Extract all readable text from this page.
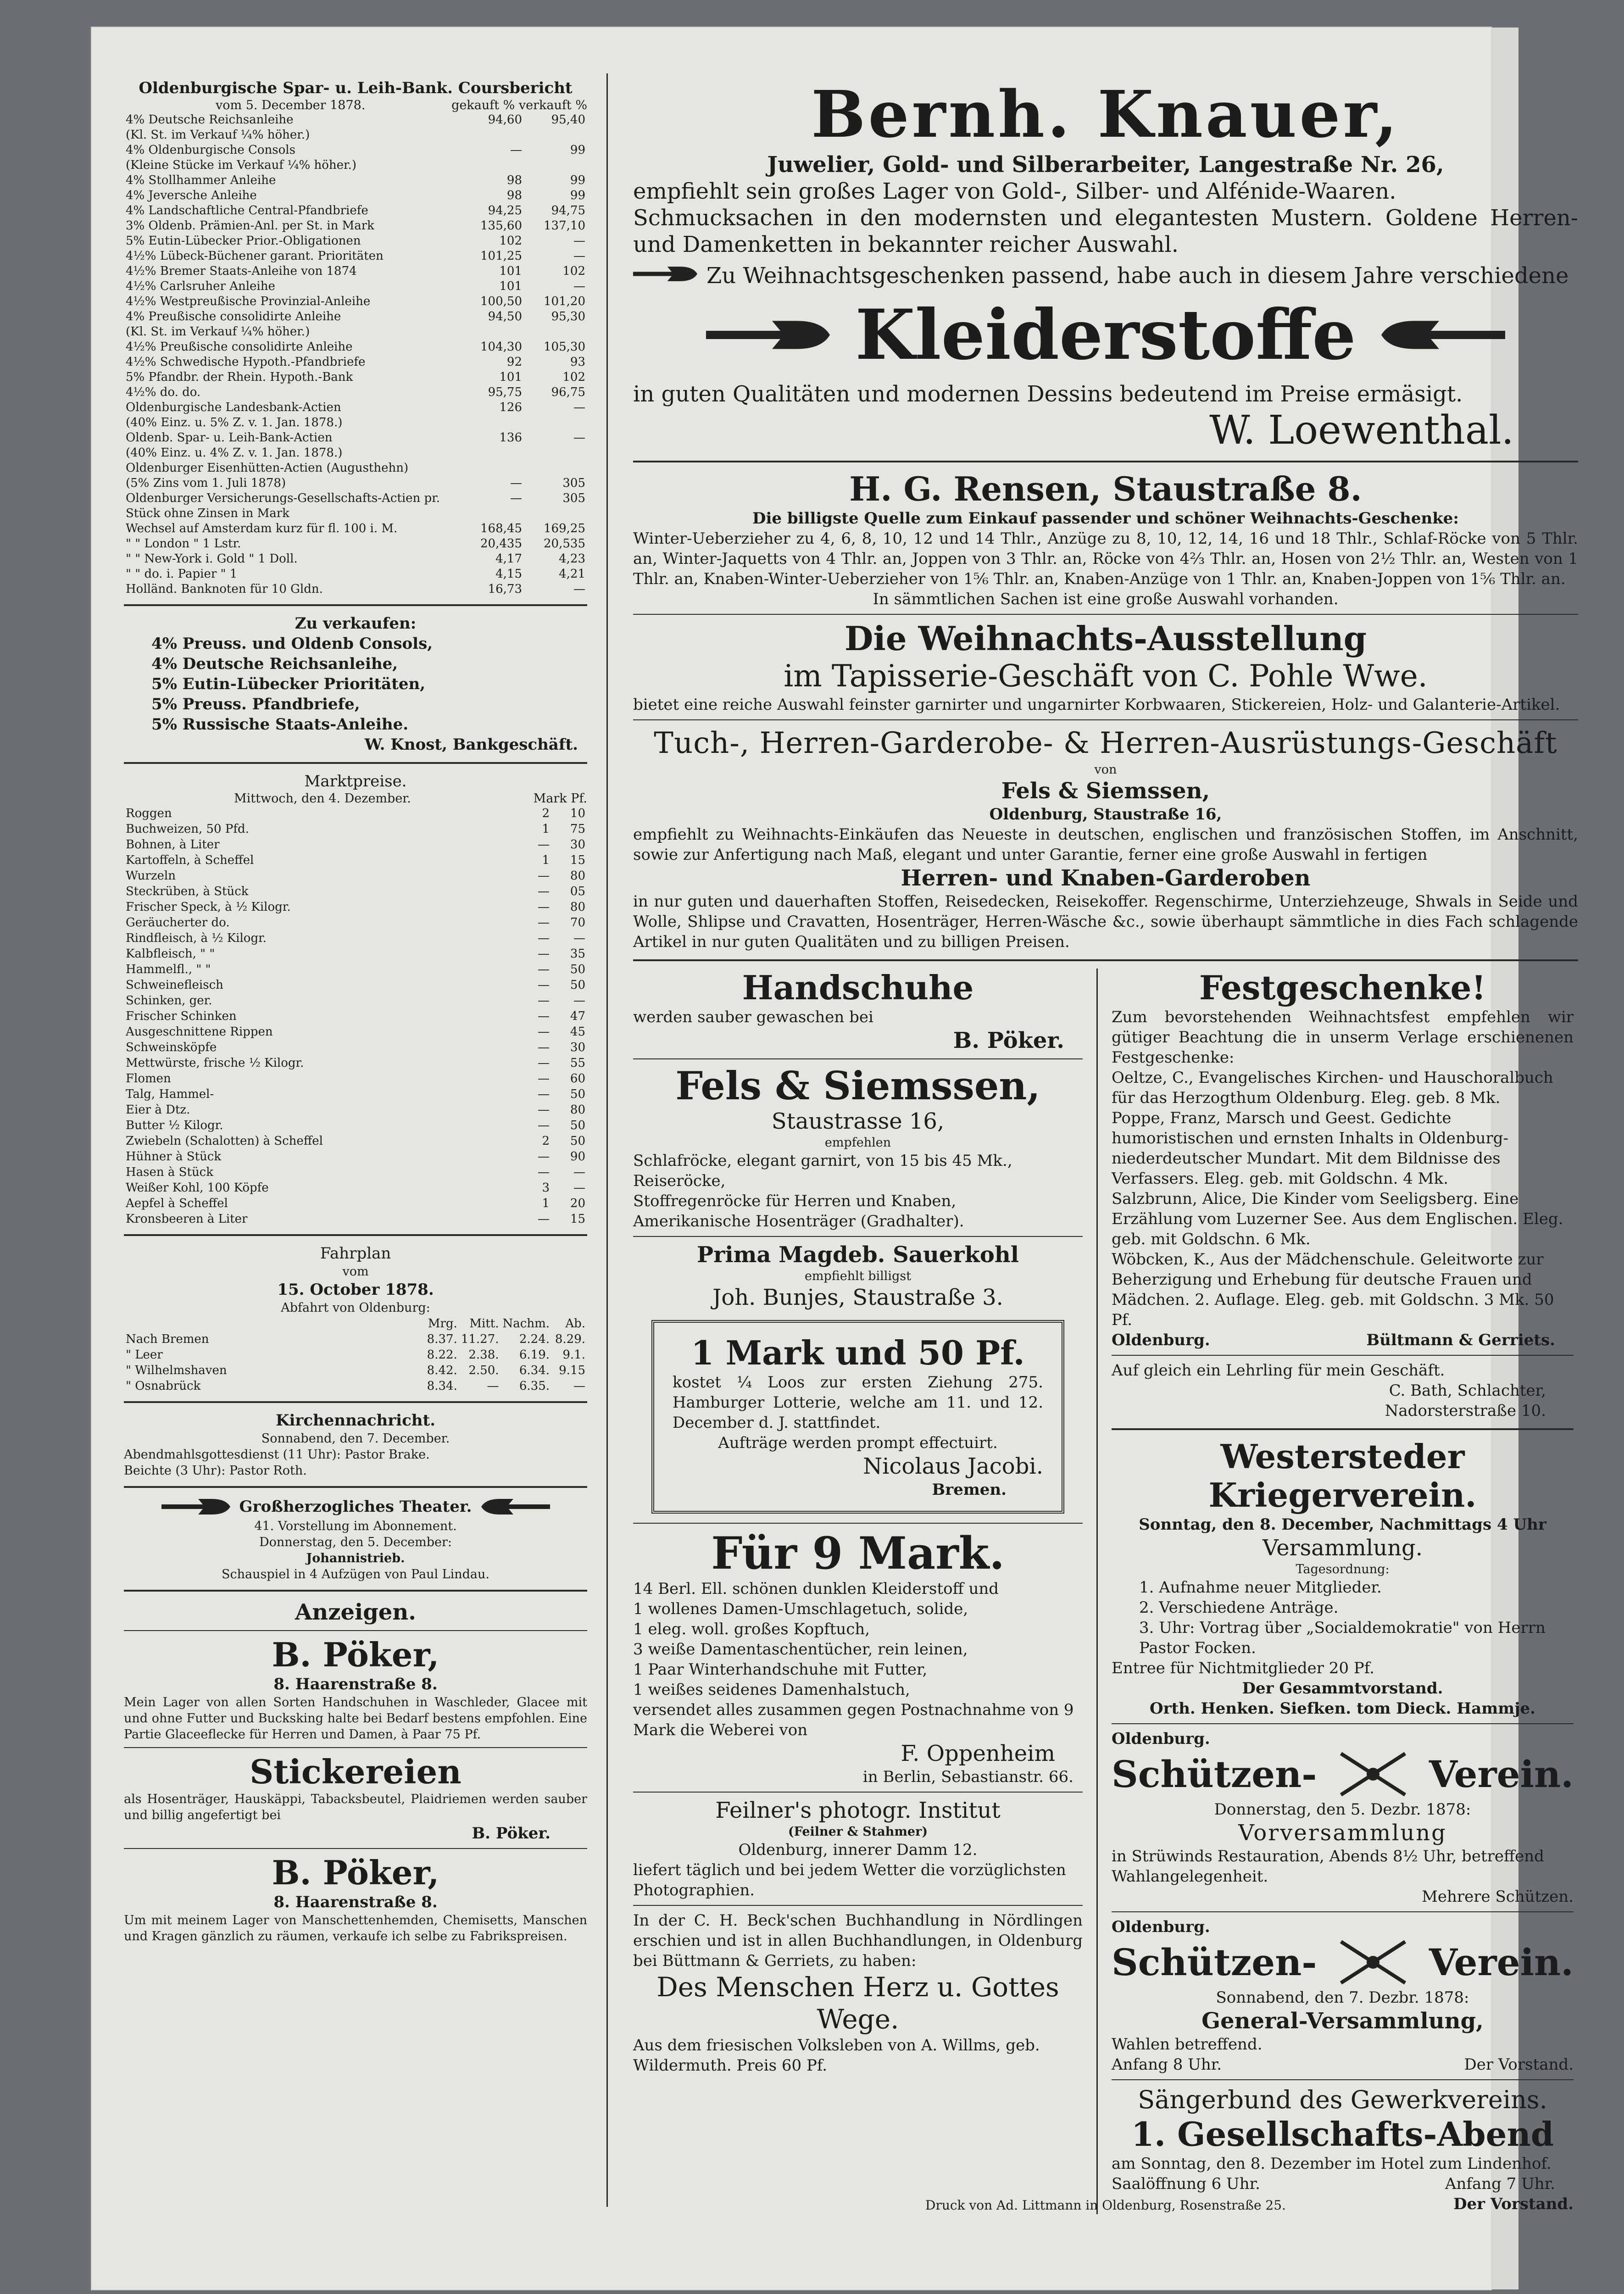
Oldenburgische Spar- u. Leih-Bank. Coursbericht
vom 5. December 1878.	gekauft % verkauft %
4% Deutsche Reichsanleihe	94,60	95,40
(Kl. St. im Verkauf ¼% höher.)		
4% Oldenburgische Consols	—	99
(Kleine Stücke im Verkauf ¼% höher.)		
4% Stollhammer Anleihe	98	99
4% Jeversche Anleihe	98	99
4% Landschaftliche Central-Pfandbriefe	94,25	94,75
3% Oldenb. Prämien-Anl. per St. in Mark	135,60	137,10
5% Eutin-Lübecker Prior.-Obligationen	102	—
4½% Lübeck-Büchener garant. Prioritäten	101,25	—
4½% Bremer Staats-Anleihe von 1874	101	102
4½% Carlsruher Anleihe	101	—
4½% Westpreußische Provinzial-Anleihe	100,50	101,20
4% Preußische consolidirte Anleihe	94,50	95,30
(Kl. St. im Verkauf ¼% höher.)		
4½% Preußische consolidirte Anleihe	104,30	105,30
4½% Schwedische Hypoth.-Pfandbriefe	92	93
5% Pfandbr. der Rhein. Hypoth.-Bank	101	102
4½% do. do.	95,75	96,75
Oldenburgische Landesbank-Actien	126	—
(40% Einz. u. 5% Z. v. 1. Jan. 1878.)		
Oldenb. Spar- u. Leih-Bank-Actien	136	—
(40% Einz. u. 4% Z. v. 1. Jan. 1878.)		
Oldenburger Eisenhütten-Actien (Augusthehn)		
(5% Zins vom 1. Juli 1878)	—	305
Oldenburger Versicherungs-Gesellschafts-Actien pr. Stück ohne Zinsen in Mark	—	305
Wechsel auf Amsterdam kurz für fl. 100 i. M.	168,45	169,25
" " London " 1 Lstr.	20,435	20,535
" " New-York i. Gold " 1 Doll.	4,17	4,23
" " do. i. Papier " 1	4,15	4,21
Holländ. Banknoten für 10 Gldn.	16,73	—
Zu verkaufen:
4% Preuss. und Oldenb Consols,
4% Deutsche Reichsanleihe,
5% Eutin-Lübecker Prioritäten,
5% Preuss. Pfandbriefe,
5% Russische Staats-Anleihe.
W. Knost, Bankgeschäft.
Marktpreise.
Mittwoch, den 4. Dezember.	Mark Pf.
Roggen	2	10
Buchweizen, 50 Pfd.	1	75
Bohnen, à Liter	—	30
Kartoffeln, à Scheffel	1	15
Wurzeln	—	80
Steckrüben, à Stück	—	05
Frischer Speck, à ½ Kilogr.	—	80
Geräucherter do.	—	70
Rindfleisch, à ½ Kilogr.	—	—
Kalbfleisch, " "	—	35
Hammelfl., " "	—	50
Schweinefleisch	—	50
Schinken, ger.	—	—
Frischer Schinken	—	47
Ausgeschnittene Rippen	—	45
Schweinsköpfe	—	30
Mettwürste, frische ½ Kilogr.	—	55
Flomen	—	60
Talg, Hammel-	—	50
Eier à Dtz.	—	80
Butter ½ Kilogr.	—	50
Zwiebeln (Schalotten) à Scheffel	2	50
Hühner à Stück	—	90
Hasen à Stück	—	—
Weißer Kohl, 100 Köpfe	3	—
Aepfel à Scheffel	1	20
Kronsbeeren à Liter	—	15
Fahrplan
vom
15. October 1878.
Abfahrt von Oldenburg:
	Mrg.	Mitt.	Nachm.	Ab.
Nach Bremen	8.37.	11.27.	2.24.	8.29.
" Leer	8.22.	2.38.	6.19.	9.1.
" Wilhelmshaven	8.42.	2.50.	6.34.	9.15
" Osnabrück	8.34.	—	6.35.	—
Kirchennachricht.
Sonnabend, den 7. December.
Abendmahlsgottesdienst (11 Uhr): Pastor Brake.
Beichte (3 Uhr): Pastor Roth.
Großherzogliches Theater.
41. Vorstellung im Abonnement.
Donnerstag, den 5. December:
Johannistrieb.
Schauspiel in 4 Aufzügen von Paul Lindau.
Anzeigen.
B. Pöker,
8. Haarenstraße 8.
Mein Lager von allen Sorten Handschuhen in Waschleder, Glacee mit und ohne Futter und Bucksking halte bei Bedarf bestens empfohlen. Eine Partie Glaceeflecke für Herren und Damen, à Paar 75 Pf.
Stickereien
als Hosenträger, Hauskäppi, Tabacksbeutel, Plaidriemen werden sauber und billig angefertigt bei
B. Pöker.
B. Pöker,
8. Haarenstraße 8.
Um mit meinem Lager von Manschettenhemden, Chemisetts, Manschen und Kragen gänzlich zu räumen, verkaufe ich selbe zu Fabrikspreisen.
Bernh. Knauer,
Juwelier, Gold- und Silberarbeiter, Langestraße Nr. 26,
empfiehlt sein großes Lager von Gold-, Silber- und Alfénide-Waaren.
Schmucksachen in den modernsten und elegantesten Mustern. Goldene Herren- und Damenketten in bekannter reicher Auswahl.
Zu Weihnachtsgeschenken passend, habe auch in diesem Jahre verschiedene
Kleiderstoffe
in guten Qualitäten und modernen Dessins bedeutend im Preise ermäsigt.
W. Loewenthal.
H. G. Rensen, Staustraße 8.
Die billigste Quelle zum Einkauf passender und schöner Weihnachts-Geschenke:
Winter-Ueberzieher zu 4, 6, 8, 10, 12 und 14 Thlr., Anzüge zu 8, 10, 12, 14, 16 und 18 Thlr., Schlaf-Röcke von 5 Thlr. an, Winter-Jaquetts von 4 Thlr. an, Joppen von 3 Thlr. an, Röcke von 4⅔ Thlr. an, Hosen von 2½ Thlr. an, Westen von 1 Thlr. an, Knaben-Winter-Ueberzieher von 1⅚ Thlr. an, Knaben-Anzüge von 1 Thlr. an, Knaben-Joppen von 1⅚ Thlr. an.
In sämmtlichen Sachen ist eine große Auswahl vorhanden.
Die Weihnachts-Ausstellung
im Tapisserie-Geschäft von C. Pohle Wwe.
bietet eine reiche Auswahl feinster garnirter und ungarnirter Korbwaaren, Stickereien, Holz- und Galanterie-Artikel.
Tuch-, Herren-Garderobe- & Herren-Ausrüstungs-Geschäft
von
Fels & Siemssen,
Oldenburg, Staustraße 16,
empfiehlt zu Weihnachts-Einkäufen das Neueste in deutschen, englischen und französischen Stoffen, im Anschnitt, sowie zur Anfertigung nach Maß, elegant und unter Garantie, ferner eine große Auswahl in fertigen
Herren- und Knaben-Garderoben
in nur guten und dauerhaften Stoffen, Reisedecken, Reisekoffer. Regenschirme, Unterziehzeuge, Shwals in Seide und Wolle, Shlipse und Cravatten, Hosenträger, Herren-Wäsche &c., sowie überhaupt sämmtliche in dies Fach schlagende Artikel in nur guten Qualitäten und zu billigen Preisen.
Handschuhe
werden sauber gewaschen bei
B. Pöker.
Fels & Siemssen,
Staustrasse 16,
empfehlen
Schlafröcke, elegant garnirt, von 15 bis 45 Mk.,
Reiseröcke,
Stoffregenröcke für Herren und Knaben,
Amerikanische Hosenträger (Gradhalter).
Prima Magdeb. Sauerkohl
empfiehlt billigst
Joh. Bunjes, Staustraße 3.
1 Mark und 50 Pf.
kostet ¼ Loos zur ersten Ziehung 275. Hamburger Lotterie, welche am 11. und 12. December d. J. stattfindet.
Aufträge werden prompt effectuirt.
Nicolaus Jacobi.
Bremen.
Für 9 Mark.
14 Berl. Ell. schönen dunklen Kleiderstoff und
1 wollenes Damen-Umschlagetuch, solide,
1 eleg. woll. großes Kopftuch,
3 weiße Damentaschentücher, rein leinen,
1 Paar Winterhandschuhe mit Futter,
1 weißes seidenes Damenhalstuch,
versendet alles zusammen gegen Postnachnahme von 9 Mark die Weberei von
F. Oppenheim
in Berlin, Sebastianstr. 66.
Feilner's photogr. Institut
(Feilner & Stahmer)
Oldenburg, innerer Damm 12.
liefert täglich und bei jedem Wetter die vorzüglichsten Photographien.
In der C. H. Beck'schen Buchhandlung in Nördlingen erschien und ist in allen Buchhandlungen, in Oldenburg bei Büttmann & Gerriets, zu haben:
Des Menschen Herz u. Gottes Wege.
Aus dem friesischen Volksleben von A. Willms, geb. Wildermuth. Preis 60 Pf.
Festgeschenke!
Zum bevorstehenden Weihnachtsfest empfehlen wir gütiger Beachtung die in unserm Verlage erschienenen Festgeschenke:
Oeltze, C., Evangelisches Kirchen- und Hauschoralbuch für das Herzogthum Oldenburg. Eleg. geb. 8 Mk.
Poppe, Franz, Marsch und Geest. Gedichte humoristischen und ernsten Inhalts in Oldenburg-niederdeutscher Mundart. Mit dem Bildnisse des Verfassers. Eleg. geb. mit Goldschn. 4 Mk.
Salzbrunn, Alice, Die Kinder vom Seeligsberg. Eine Erzählung vom Luzerner See. Aus dem Englischen. Eleg. geb. mit Goldschn. 6 Mk.
Wöbcken, K., Aus der Mädchenschule. Geleitworte zur Beherzigung und Erhebung für deutsche Frauen und Mädchen. 2. Auflage. Eleg. geb. mit Goldschn. 3 Mk. 50 Pf.
Oldenburg.	Bültmann & Gerriets.
Auf gleich ein Lehrling für mein Geschäft.
C. Bath, Schlachter,
Nadorsterstraße 10.
Westersteder Kriegerverein.
Sonntag, den 8. December, Nachmittags 4 Uhr
Versammlung.
Tagesordnung:
1. Aufnahme neuer Mitglieder.
2. Verschiedene Anträge.
3. Uhr: Vortrag über „Socialdemokratie" von Herrn Pastor Focken.
Entree für Nichtmitglieder 20 Pf.
Der Gesammtvorstand.
Orth. Henken. Siefken. tom Dieck. Hammje.
Oldenburg.
Schützen-	Verein.
Donnerstag, den 5. Dezbr. 1878:
Vorversammlung
in Strüwinds Restauration, Abends 8½ Uhr, betreffend Wahlangelegenheit.
Mehrere Schützen.
Oldenburg.
Schützen-	Verein.
Sonnabend, den 7. Dezbr. 1878:
General-Versammlung,
Wahlen betreffend.
Anfang 8 Uhr.	Der Vorstand.
Sängerbund des Gewerkvereins.
1. Gesellschafts-Abend
am Sonntag, den 8. Dezember im Hotel zum Lindenhof.
Saalöffnung 6 Uhr.	Anfang 7 Uhr.
Der Vorstand.
Druck von Ad. Littmann in Oldenburg, Rosenstraße 25.
